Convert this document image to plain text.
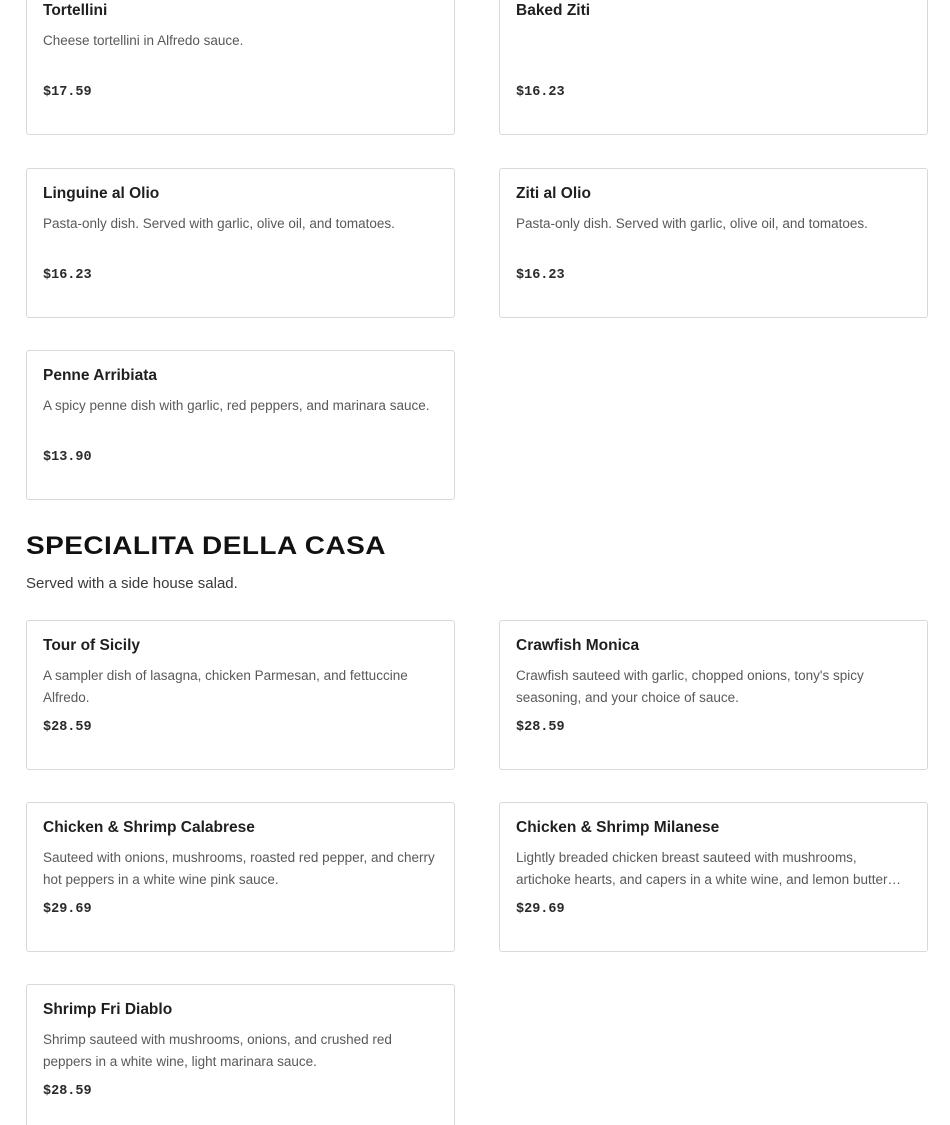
Tortellini
Cheese tortellini in Alfredo sauce.
$17.59
Baked Ziti
$16.23
Linguine al Olio
Pasta-only dish. Served with garlic, olive oil, and tomatoes.
$16.23
Ziti al Olio
Pasta-only dish. Served with garlic, olive oil, and tomatoes.
$16.23
Penne Arribiata
A spicy penne dish with garlic, red peppers, and marinara sauce.
$13.90
SPECIALITA DELLA CASA
Served with a side house salad.
Tour of Sicily
A sampler dish of lasagna, chicken Parmesan, and fettuccine Alfredo.
$28.59
Crawfish Monica
Crawfish sauteed with garlic, chopped onions, tony's spicy seasoning, and your choice of sauce.
$28.59
Chicken & Shrimp Calabrese
Sauteed with onions, mushrooms, roasted red pepper, and cherry hot peppers in a white wine pink sauce.
$29.69
Chicken & Shrimp Milanese
Lightly breaded chicken breast sauteed with mushrooms, artichoke hearts, and capers in a white wine, and lemon butter
$29.69
Shrimp Fri Diablo
Shrimp sauteed with mushrooms, onions, and crushed red peppers in a white wine, light marinara sauce.
$28.59
